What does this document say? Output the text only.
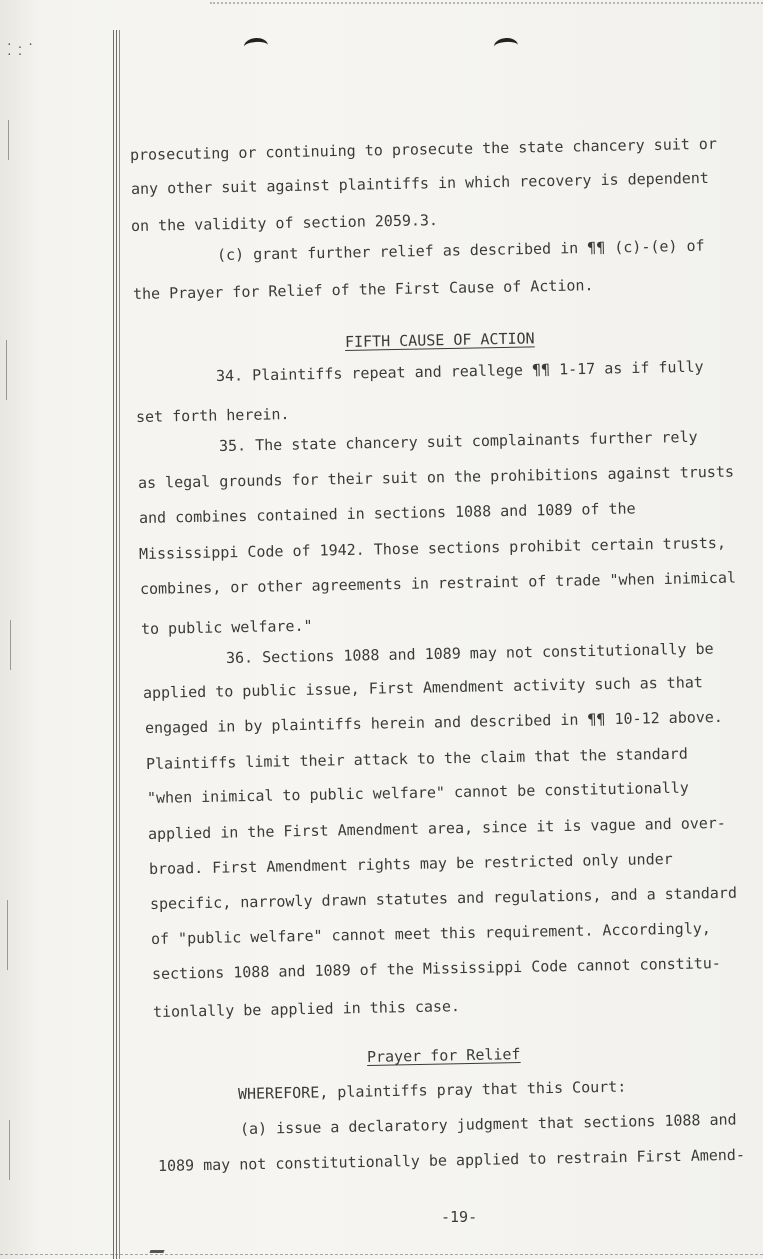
·.· ··
prosecuting or continuing to prosecute the state chancery suit or
any other suit against plaintiffs in which recovery is dependent
on the validity of section 2059.3.
(c) grant further relief as described in ¶¶ (c)-(e) of
the Prayer for Relief of the First Cause of Action.
FIFTH CAUSE OF ACTION
34. Plaintiffs repeat and reallege ¶¶ 1-17 as if fully
set forth herein.
35. The state chancery suit complainants further rely
as legal grounds for their suit on the prohibitions against trusts
and combines contained in sections 1088 and 1089 of the
Mississippi Code of 1942. Those sections prohibit certain trusts,
combines, or other agreements in restraint of trade "when inimical
to public welfare."
36. Sections 1088 and 1089 may not constitutionally be
applied to public issue, First Amendment activity such as that
engaged in by plaintiffs herein and described in ¶¶ 10-12 above.
Plaintiffs limit their attack to the claim that the standard
"when inimical to public welfare" cannot be constitutionally
applied in the First Amendment area, since it is vague and over-
broad. First Amendment rights may be restricted only under
specific, narrowly drawn statutes and regulations, and a standard
of "public welfare" cannot meet this requirement. Accordingly,
sections 1088 and 1089 of the Mississippi Code cannot constitu-
tionlally be applied in this case.
Prayer for Relief
WHEREFORE, plaintiffs pray that this Court:
(a) issue a declaratory judgment that sections 1088 and
1089 may not constitutionally be applied to restrain First Amend-
-19-
